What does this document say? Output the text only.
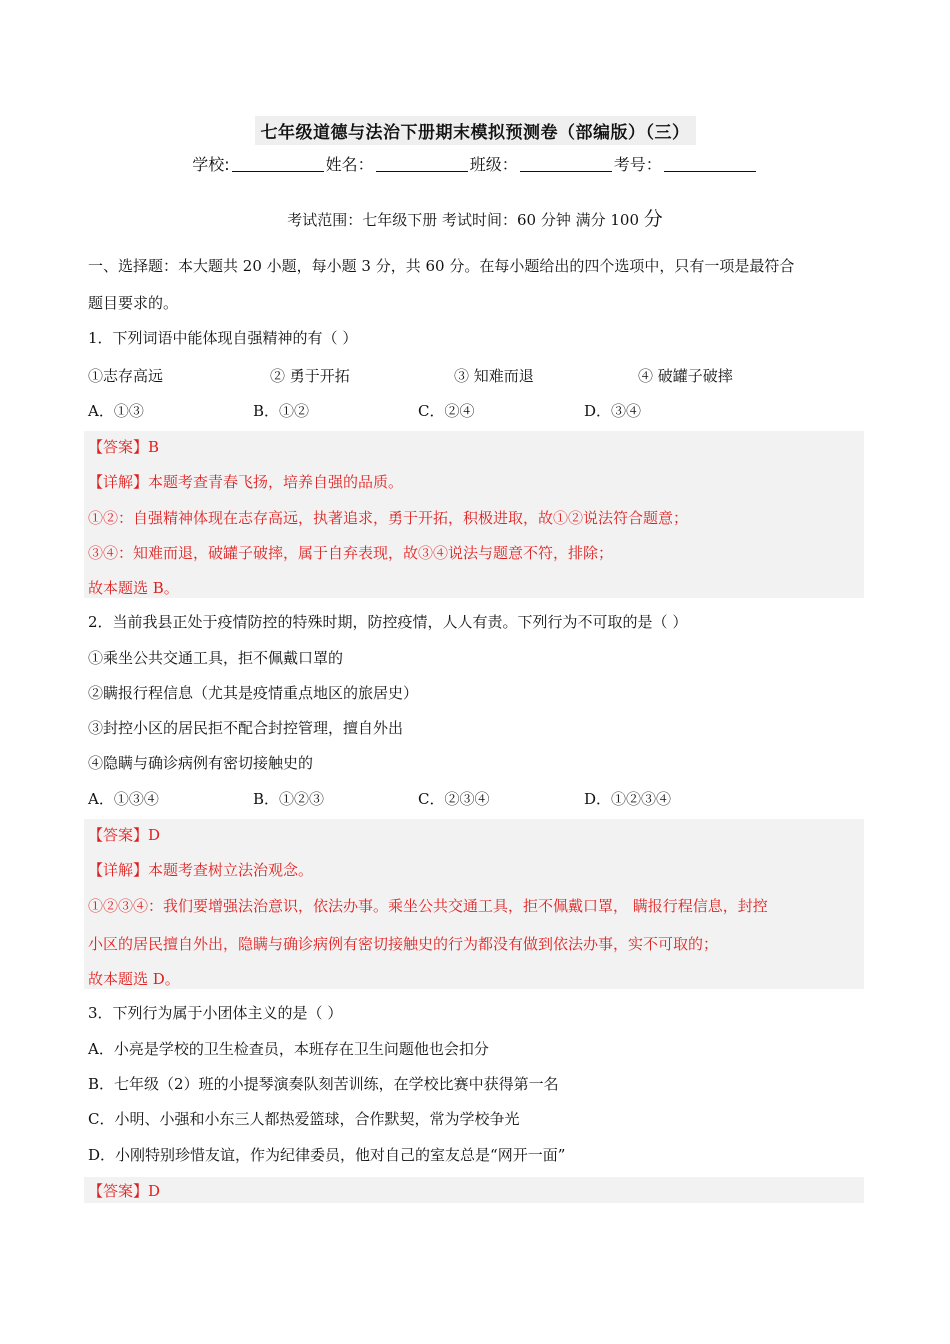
七年级道德与法治下册期末模拟预测卷（部编版）（三）
学校:	姓名：	班级：	考号：
考试范围：七年级下册 考试时间：60 分钟 满分 100 分
一、选择题：本大题共 20 小题，每小题 3 分，共 60 分。在每小题给出的四个选项中，只有一项是最符合
题目要求的。
1．下列词语中能体现自强精神的有（ ）
①志存高远	② 勇于开拓	③ 知难而退	④ 破罐子破摔
A．①③	B．①②	C．②④	D．③④
【答案】B
【详解】本题考查青春飞扬，培养自强的品质。
①②：自强精神体现在志存高远，执著追求，勇于开拓，积极进取，故①②说法符合题意；
③④：知难而退，破罐子破摔，属于自弃表现，故③④说法与题意不符，排除；
故本题选 B。
2．当前我县正处于疫情防控的特殊时期，防控疫情，人人有责。下列行为不可取的是（ ）
①乘坐公共交通工具，拒不佩戴口罩的
②瞒报行程信息（尤其是疫情重点地区的旅居史）
③封控小区的居民拒不配合封控管理，擅自外出
④隐瞒与确诊病例有密切接触史的
A．①③④	B．①②③	C．②③④	D．①②③④
【答案】D
【详解】本题考查树立法治观念。
①②③④：我们要增强法治意识，依法办事。乘坐公共交通工具，拒不佩戴口罩， 瞒报行程信息，封控
小区的居民擅自外出，隐瞒与确诊病例有密切接触史的行为都没有做到依法办事，实不可取的；
故本题选 D。
3．下列行为属于小团体主义的是（ ）
A．小亮是学校的卫生检查员，本班存在卫生问题他也会扣分
B．七年级（2）班的小提琴演奏队刻苦训练，在学校比赛中获得第一名
C．小明、小强和小东三人都热爱篮球，合作默契，常为学校争光
D．小刚特别珍惜友谊，作为纪律委员，他对自己的室友总是“网开一面”
【答案】D
